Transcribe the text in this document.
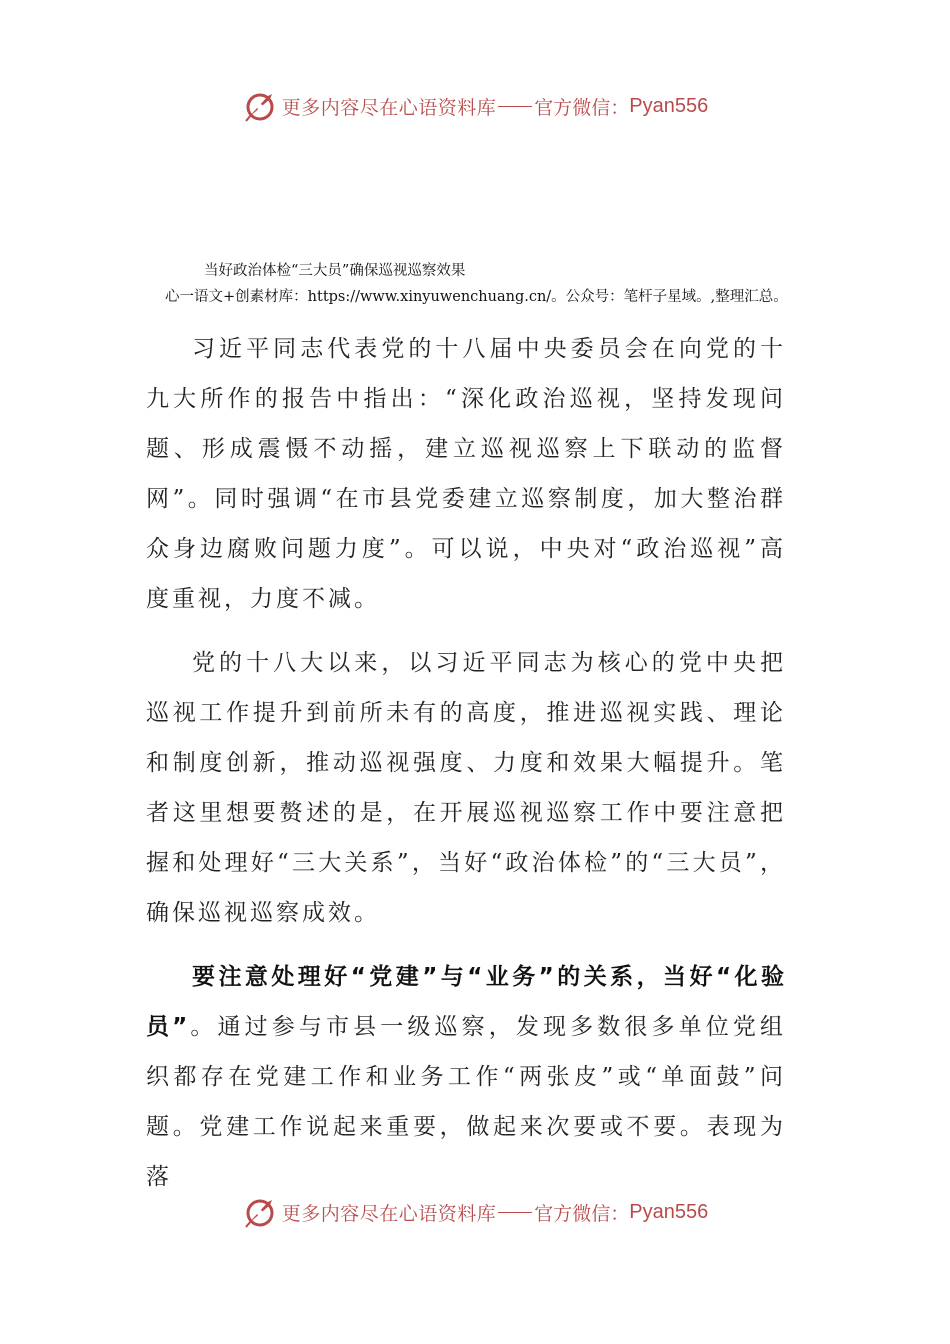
更多内容尽在心语资料库 官方微信： Pyan556
当好政治体检“三大员”确保巡视巡察效果
心一语文+创素材库：https://www.xinyuwenchuang.cn/。公众号：笔杆子星域。,整理汇总。

习近平同志代表党的十八届中央委员会在向党的十九大所作的报告中指出：“深化政治巡视，坚持发现问题、形成震慑不动摇，建立巡视巡察上下联动的监督网”。同时强调“在市县党委建立巡察制度，加大整治群众身边腐败问题力度”。可以说，中央对“政治巡视”高度重视，力度不减。

党的十八大以来，以习近平同志为核心的党中央把巡视工作提升到前所未有的高度，推进巡视实践、理论和制度创新，推动巡视强度、力度和效果大幅提升。笔者这里想要赘述的是，在开展巡视巡察工作中要注意把握和处理好“三大关系”，当好“政治体检”的“三大员”，确保巡视巡察成效。

要注意处理好“党建”与“业务”的关系，当好“化验员”。通过参与市县一级巡察，发现多数很多单位党组织都存在党建工作和业务工作“两张皮”或“单面鼓”问题。党建工作说起来重要，做起来次要或不要。表现为落

更多内容尽在心语资料库 官方微信： Pyan556
